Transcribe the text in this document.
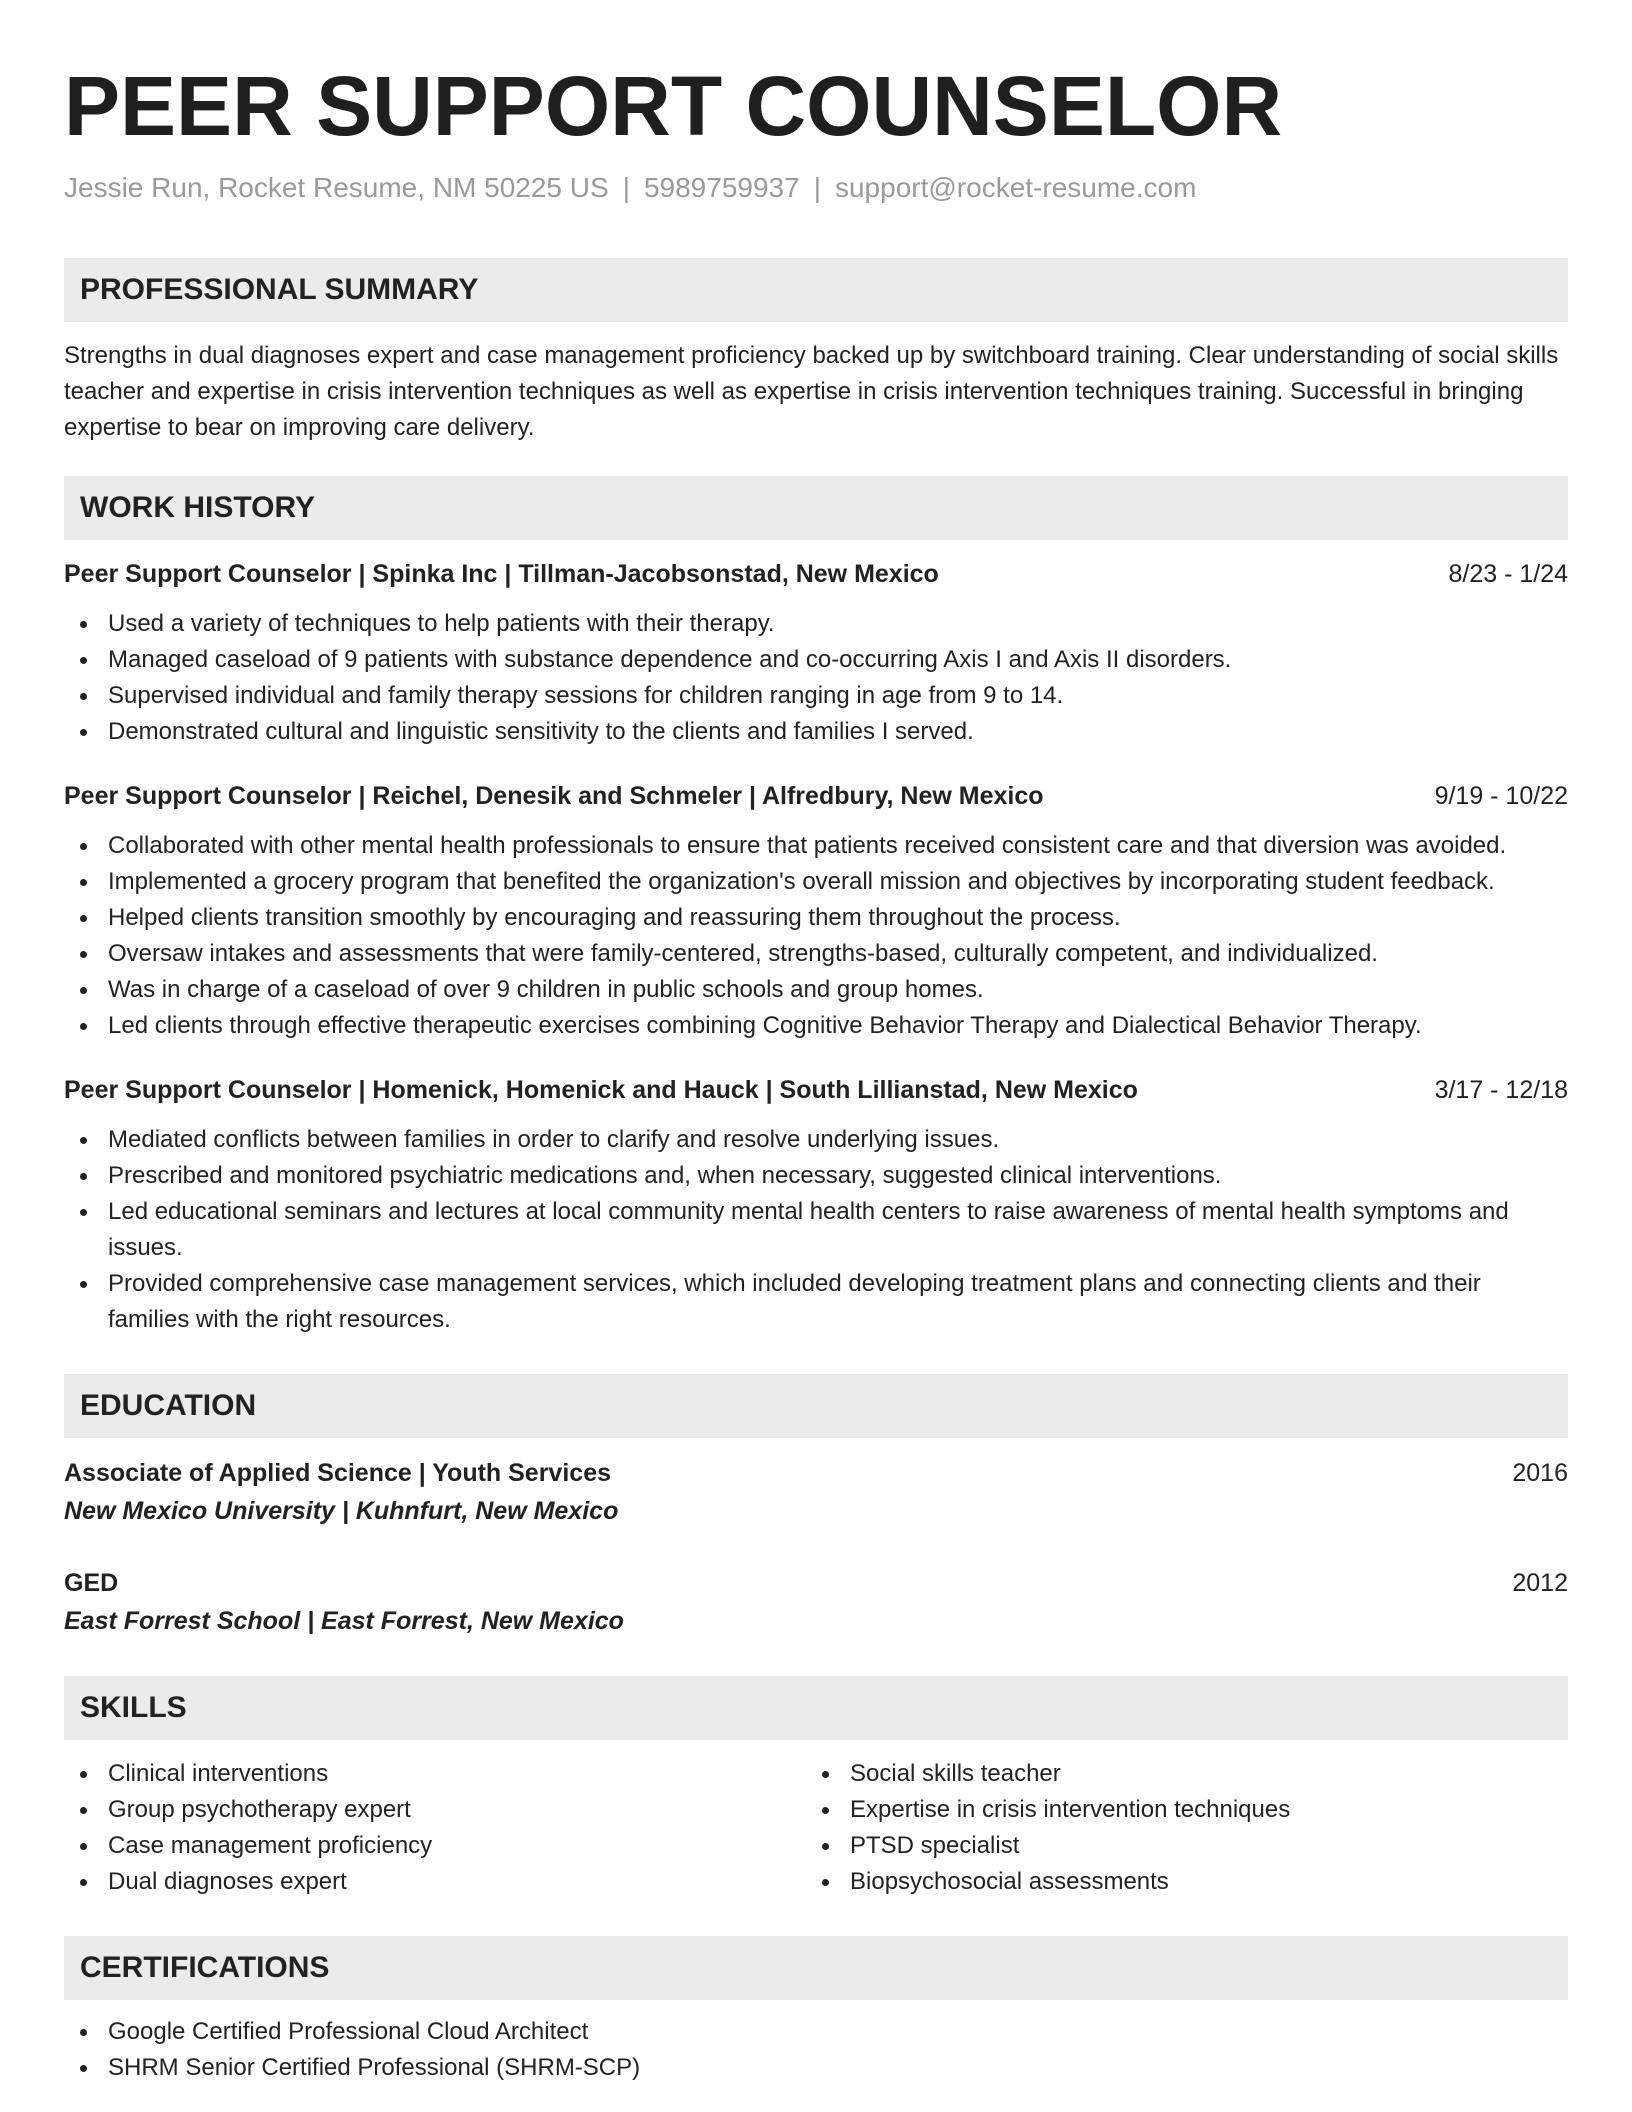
PEER SUPPORT COUNSELOR
Jessie Run, Rocket Resume, NM 50225 US | 5989759937 | support@rocket-resume.com
PROFESSIONAL SUMMARY

Strengths in dual diagnoses expert and case management proficiency backed up by switchboard training. Clear understanding of social skills teacher and expertise in crisis intervention techniques as well as expertise in crisis intervention techniques training. Successful in bringing expertise to bear on improving care delivery.

WORK HISTORY
Peer Support Counselor | Spinka Inc | Tillman-Jacobsonstad, New Mexico	8/23 - 1/24
Used a variety of techniques to help patients with their therapy.
Managed caseload of 9 patients with substance dependence and co-occurring Axis I and Axis II disorders.
Supervised individual and family therapy sessions for children ranging in age from 9 to 14.
Demonstrated cultural and linguistic sensitivity to the clients and families I served.
Peer Support Counselor | Reichel, Denesik and Schmeler | Alfredbury, New Mexico	9/19 - 10/22
Collaborated with other mental health professionals to ensure that patients received consistent care and that diversion was avoided.
Implemented a grocery program that benefited the organization's overall mission and objectives by incorporating student feedback.
Helped clients transition smoothly by encouraging and reassuring them throughout the process.
Oversaw intakes and assessments that were family-centered, strengths-based, culturally competent, and individualized.
Was in charge of a caseload of over 9 children in public schools and group homes.
Led clients through effective therapeutic exercises combining Cognitive Behavior Therapy and Dialectical Behavior Therapy.
Peer Support Counselor | Homenick, Homenick and Hauck | South Lillianstad, New Mexico	3/17 - 12/18
Mediated conflicts between families in order to clarify and resolve underlying issues.
Prescribed and monitored psychiatric medications and, when necessary, suggested clinical interventions.
Led educational seminars and lectures at local community mental health centers to raise awareness of mental health symptoms and issues.
Provided comprehensive case management services, which included developing treatment plans and connecting clients and their families with the right resources.
EDUCATION
Associate of Applied Science | Youth Services	2016
New Mexico University | Kuhnfurt, New Mexico
GED	2012
East Forrest School | East Forrest, New Mexico
SKILLS
Clinical interventions
Group psychotherapy expert
Case management proficiency
Dual diagnoses expert
Social skills teacher
Expertise in crisis intervention techniques
PTSD specialist
Biopsychosocial assessments
CERTIFICATIONS
Google Certified Professional Cloud Architect
SHRM Senior Certified Professional (SHRM-SCP)
